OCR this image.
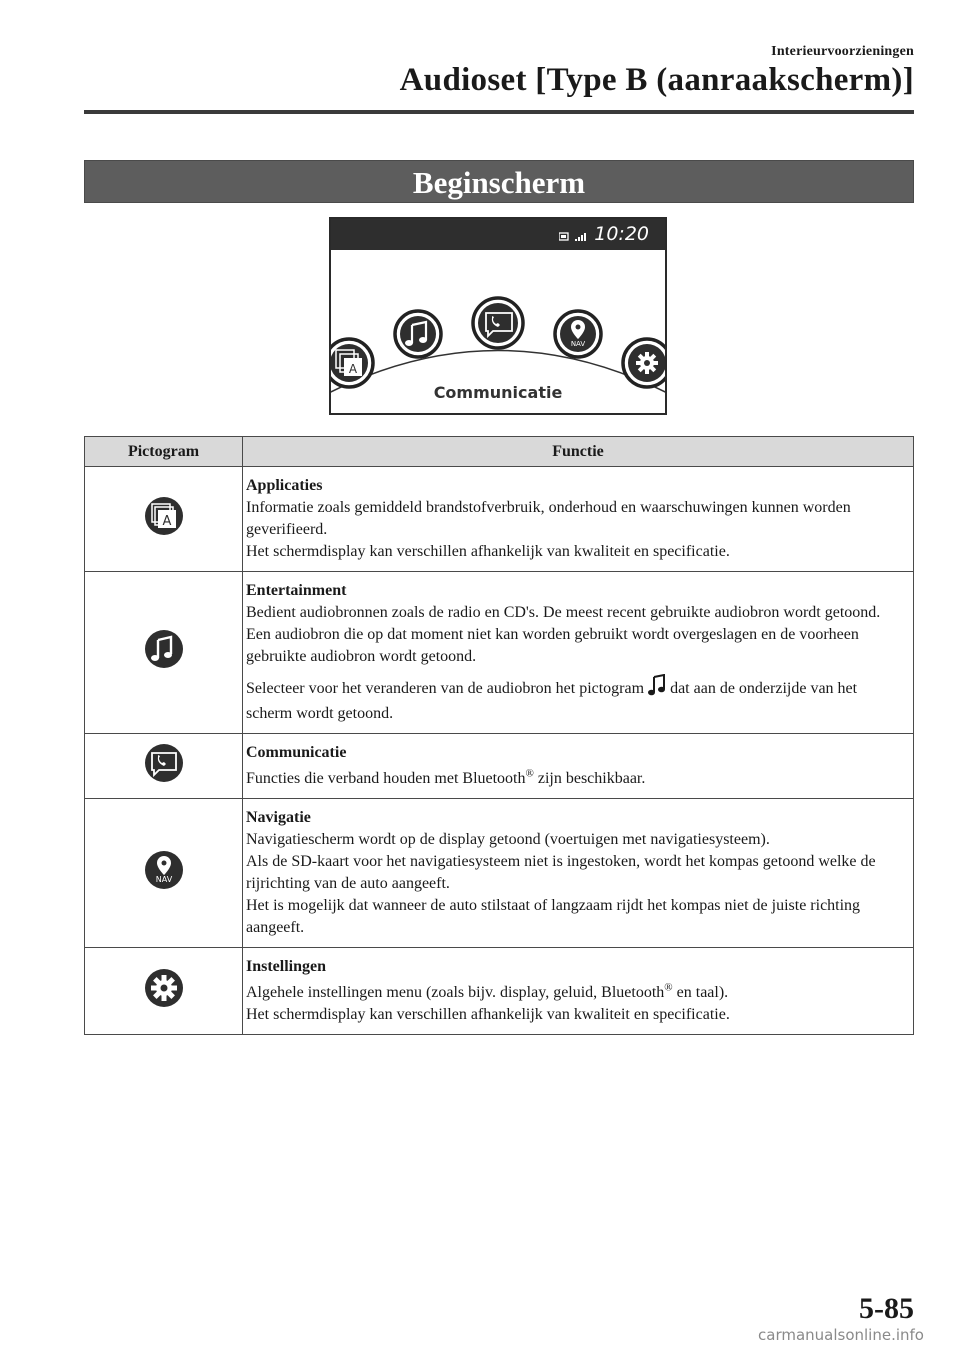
Interieurvoorzieningen
Audioset [Type B (aanraakscherm)]
Beginscherm
10:20
A
NAV
Communicatie
Pictogram	Functie

A	Applicaties
Informatie zoals gemiddeld brandstofverbruik, onderhoud en waarschuwingen kunnen worden geverifieerd.
Het schermdisplay kan verschillen afhankelijk van kwaliteit en specificatie.

Entertainment
Bedient audiobronnen zoals de radio en CD's. De meest recent gebruikte audiobron wordt getoond. Een audiobron die op dat moment niet kan worden gebruikt wordt overgeslagen en de voorheen gebruikte audiobron wordt getoond.
Selecteer voor het veranderen van de audiobron het pictogram dat aan de onderzijde van het scherm wordt getoond.

Communicatie
Functies die verband houden met Bluetooth® zijn beschikbaar.

NAV	Navigatie
Navigatiescherm wordt op de display getoond (voertuigen met navigatiesysteem).
Als de SD-kaart voor het navigatiesysteem niet is ingestoken, wordt het kompas getoond welke de rijrichting van de auto aangeeft.
Het is mogelijk dat wanneer de auto stilstaat of langzaam rijdt het kompas niet de juiste richting aangeeft.

Instellingen
Algehele instellingen menu (zoals bijv. display, geluid, Bluetooth® en taal).
Het schermdisplay kan verschillen afhankelijk van kwaliteit en specificatie.
5-85
carmanualsonline.info
